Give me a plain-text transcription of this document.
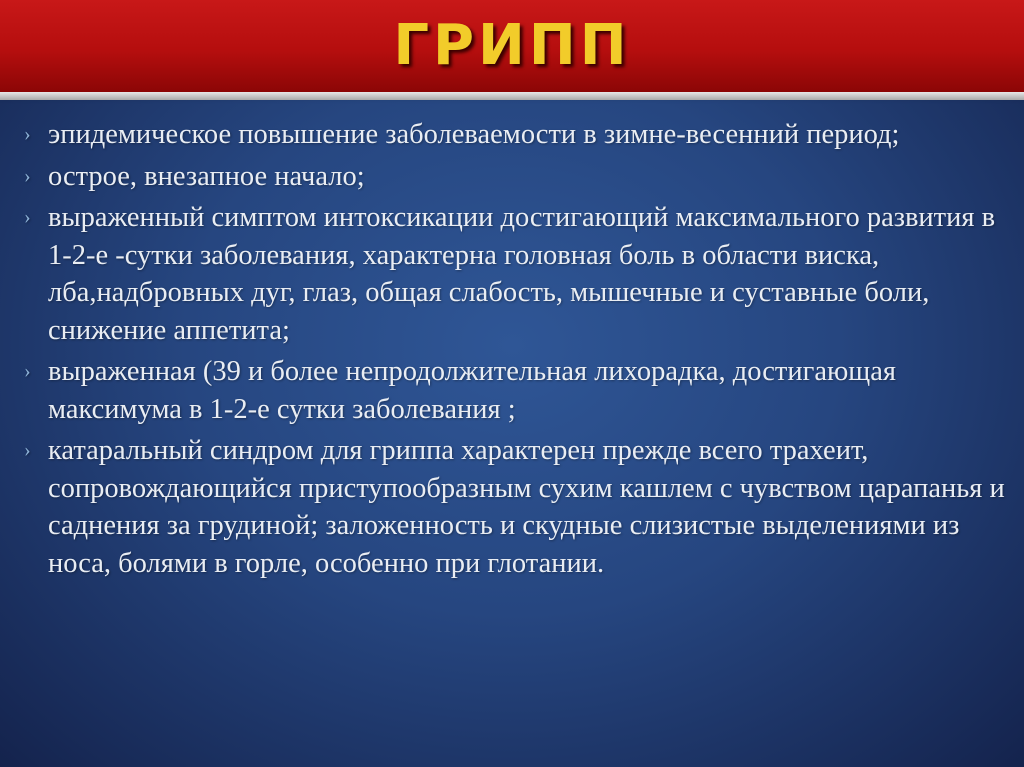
ГРИПП
› эпидемическое повышение заболеваемости в зимне-весенний период;
› острое, внезапное начало;
› выраженный симптом интоксикации достигающий максимального развития в 1-2-е -сутки заболевания, характерна головная боль в области виска, лба,надбровных дуг, глаз, общая слабость, мышечные и суставные боли, снижение аппетита;
› выраженная (39 и более непродолжительная лихорадка, достигающая максимума в 1-2-е сутки заболевания ;
› катаральный синдром для гриппа характерен прежде всего трахеит, сопровождающийся приступообразным сухим кашлем с чувством царапанья и саднения за грудиной; заложенность и скудные слизистые выделениями из носа, болями в горле, особенно при глотании.
